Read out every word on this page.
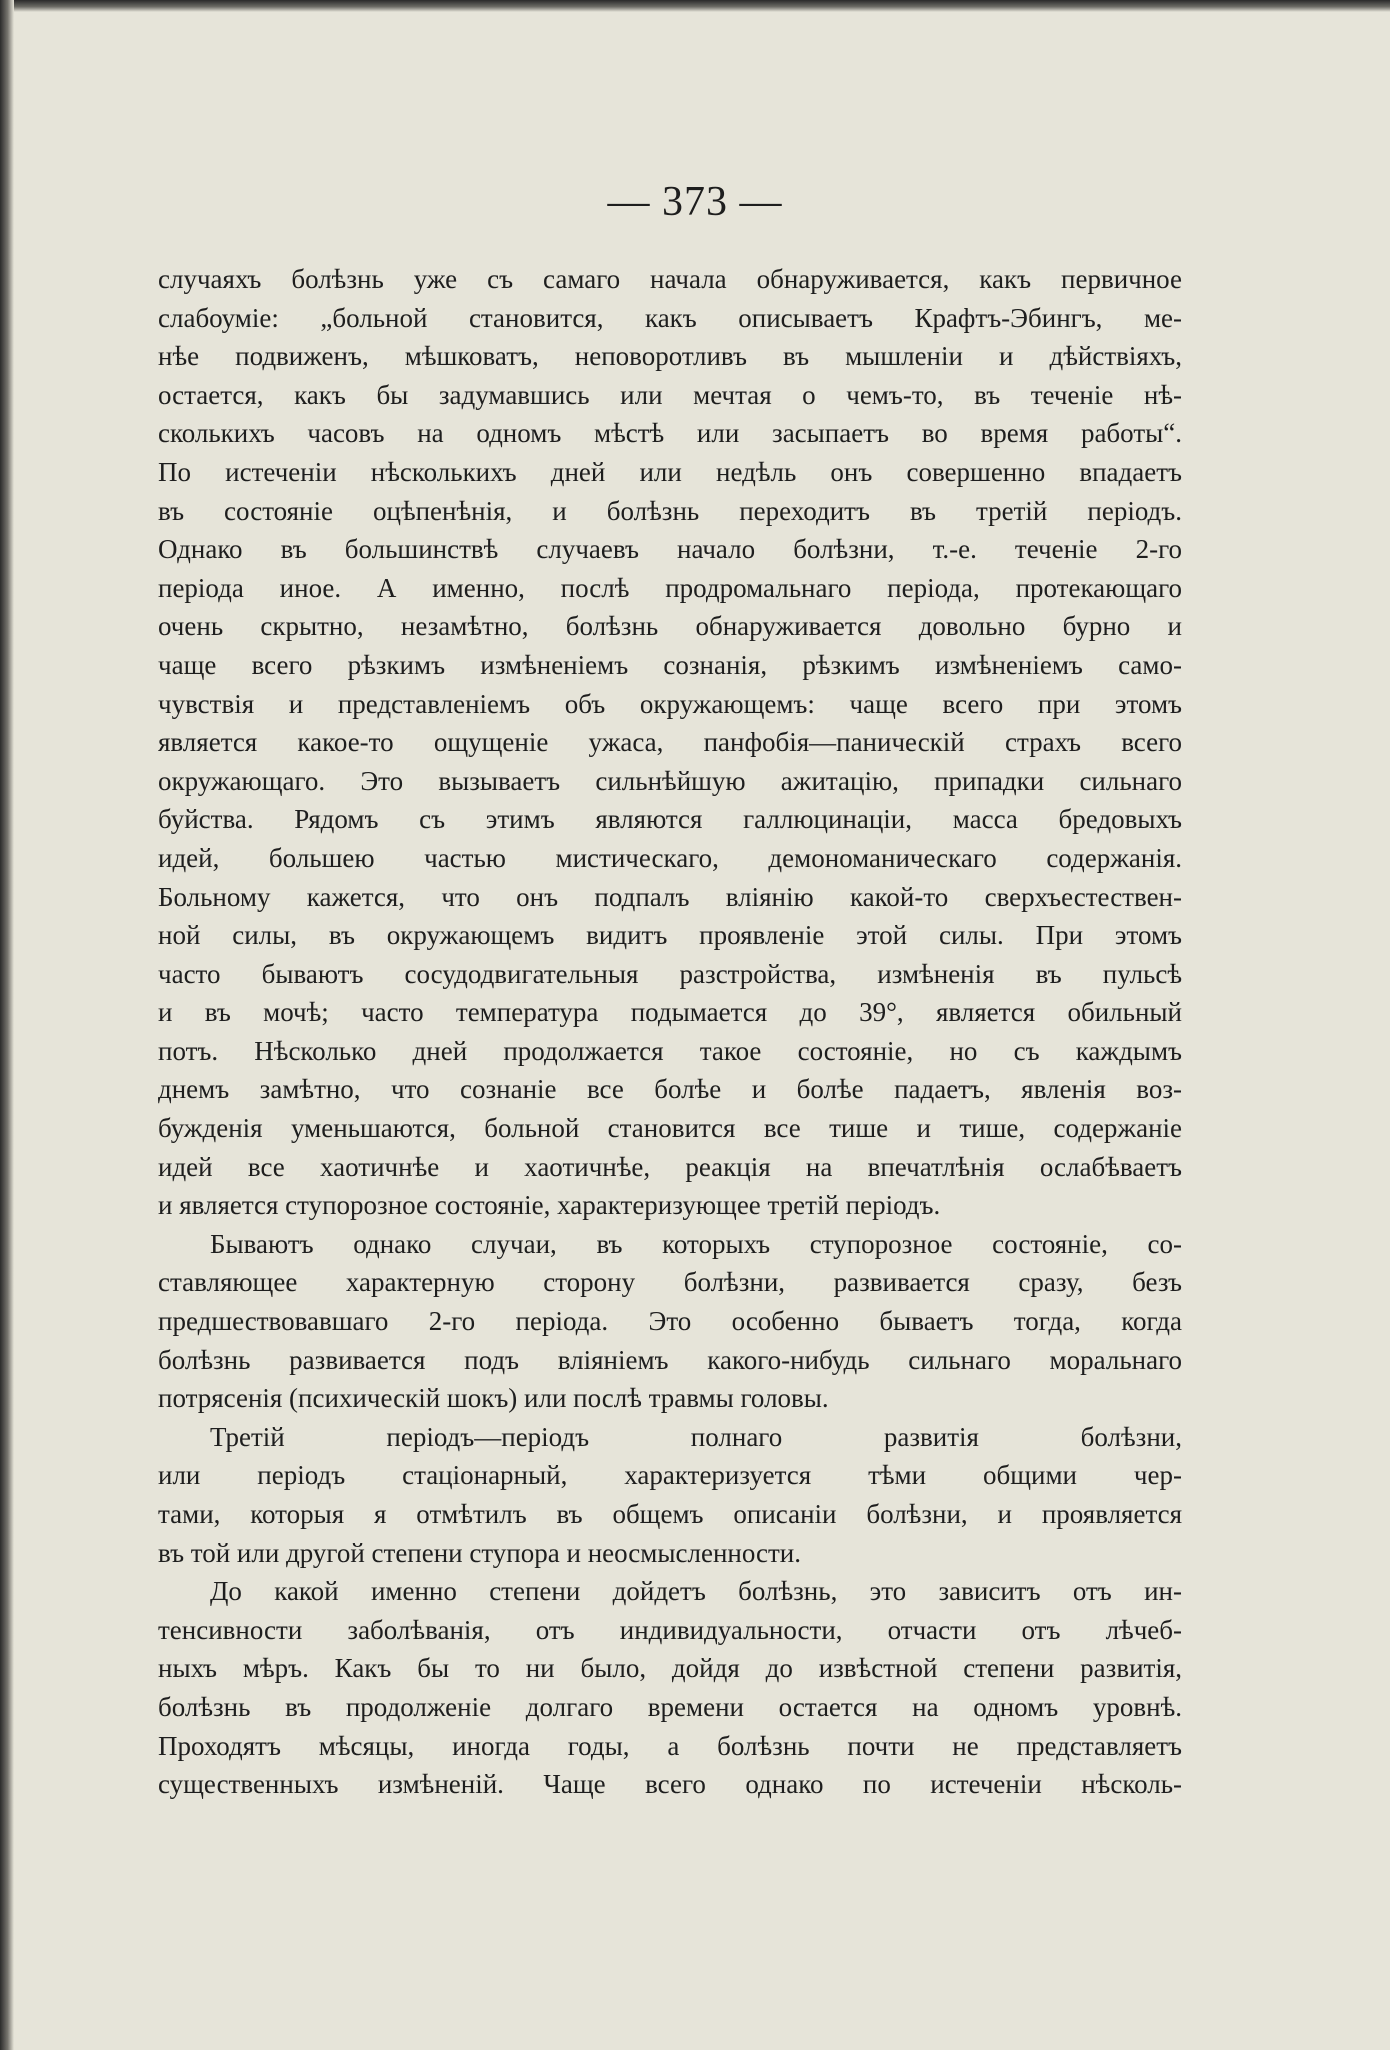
— 373 —
случаяхъ болѣзнь уже съ самаго начала обнаруживается, какъ первичное
слабоуміе: „больной становится, какъ описываетъ Крафтъ-Эбингъ, ме-
нѣе подвиженъ, мѣшковатъ, неповоротливъ въ мышленіи и дѣйствіяхъ,
остается, какъ бы задумавшись или мечтая о чемъ-то, въ теченіе нѣ-
сколькихъ часовъ на одномъ мѣстѣ или засыпаетъ во время работы“.
По истеченіи нѣсколькихъ дней или недѣль онъ совершенно впадаетъ
въ состояніе оцѣпенѣнія, и болѣзнь переходитъ въ третій періодъ.
Однако въ большинствѣ случаевъ начало болѣзни, т.-е. теченіе 2-го
періода иное. А именно, послѣ продромальнаго періода, протекающаго
очень скрытно, незамѣтно, болѣзнь обнаруживается довольно бурно и
чаще всего рѣзкимъ измѣненіемъ сознанія, рѣзкимъ измѣненіемъ само-
чувствія и представленіемъ объ окружающемъ: чаще всего при этомъ
является какое-то ощущеніе ужаса, панфобія—паническій страхъ всего
окружающаго. Это вызываетъ сильнѣйшую ажитацію, припадки сильнаго
буйства. Рядомъ съ этимъ являются галлюцинаціи, масса бредовыхъ
идей, большею частью мистическаго, демономаническаго содержанія.
Больному кажется, что онъ подпалъ вліянію какой-то сверхъестествен-
ной силы, въ окружающемъ видитъ проявленіе этой силы. При этомъ
часто бываютъ сосудодвигательныя разстройства, измѣненія въ пульсѣ
и въ мочѣ; часто температура подымается до 39°, является обильный
потъ. Нѣсколько дней продолжается такое состояніе, но съ каждымъ
днемъ замѣтно, что сознаніе все болѣе и болѣе падаетъ, явленія воз-
бужденія уменьшаются, больной становится все тише и тише, содержаніе
идей все хаотичнѣе и хаотичнѣе, реакція на впечатлѣнія ослабѣваетъ
и является ступорозное состояніе, характеризующее третій періодъ.
Бываютъ однако случаи, въ которыхъ ступорозное состояніе, со-
ставляющее характерную сторону болѣзни, развивается сразу, безъ
предшествовавшаго 2-го періода. Это особенно бываетъ тогда, когда
болѣзнь развивается подъ вліяніемъ какого-нибудь сильнаго моральнаго
потрясенія (психическій шокъ) или послѣ травмы головы.
Третій періодъ—періодъ полнаго развитія болѣзни,
или періодъ стаціонарный, характеризуется тѣми общими чер-
тами, которыя я отмѣтилъ въ общемъ описаніи болѣзни, и проявляется
въ той или другой степени ступора и неосмысленности.
До какой именно степени дойдетъ болѣзнь, это зависитъ отъ ин-
тенсивности заболѣванія, отъ индивидуальности, отчасти отъ лѣчеб-
ныхъ мѣръ. Какъ бы то ни было, дойдя до извѣстной степени развитія,
болѣзнь въ продолженіе долгаго времени остается на одномъ уровнѣ.
Проходятъ мѣсяцы, иногда годы, а болѣзнь почти не представляетъ
существенныхъ измѣненій. Чаще всего однако по истеченіи нѣсколь-
